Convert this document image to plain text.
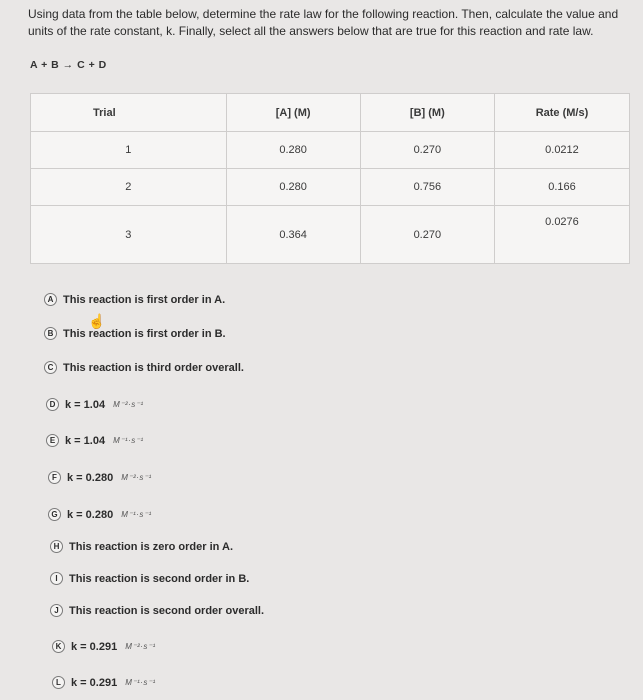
Using data from the table below, determine the rate law for the following reaction. Then, calculate the value and units of the rate constant, k. Finally, select all the answers below that are true for this reaction and rate law.
A + B → C + D
Trial	[A] (M)	[B] (M)	Rate (M/s)
1	0.280	0.270	0.0212
2	0.280	0.756	0.166
3	0.364	0.270	0.0276
A This reaction is first order in A.
B This reaction is first order in B.
C This reaction is third order overall.
D k = 1.04 M⁻²·s⁻¹
E k = 1.04 M⁻¹·s⁻¹
F k = 0.280 M⁻²·s⁻¹
G k = 0.280 M⁻¹·s⁻¹
H This reaction is zero order in A.
I	This reaction is second order in B.
J This reaction is second order overall.
K k = 0.291 M⁻²·s⁻¹
L k = 0.291 M⁻¹·s⁻¹
☝
